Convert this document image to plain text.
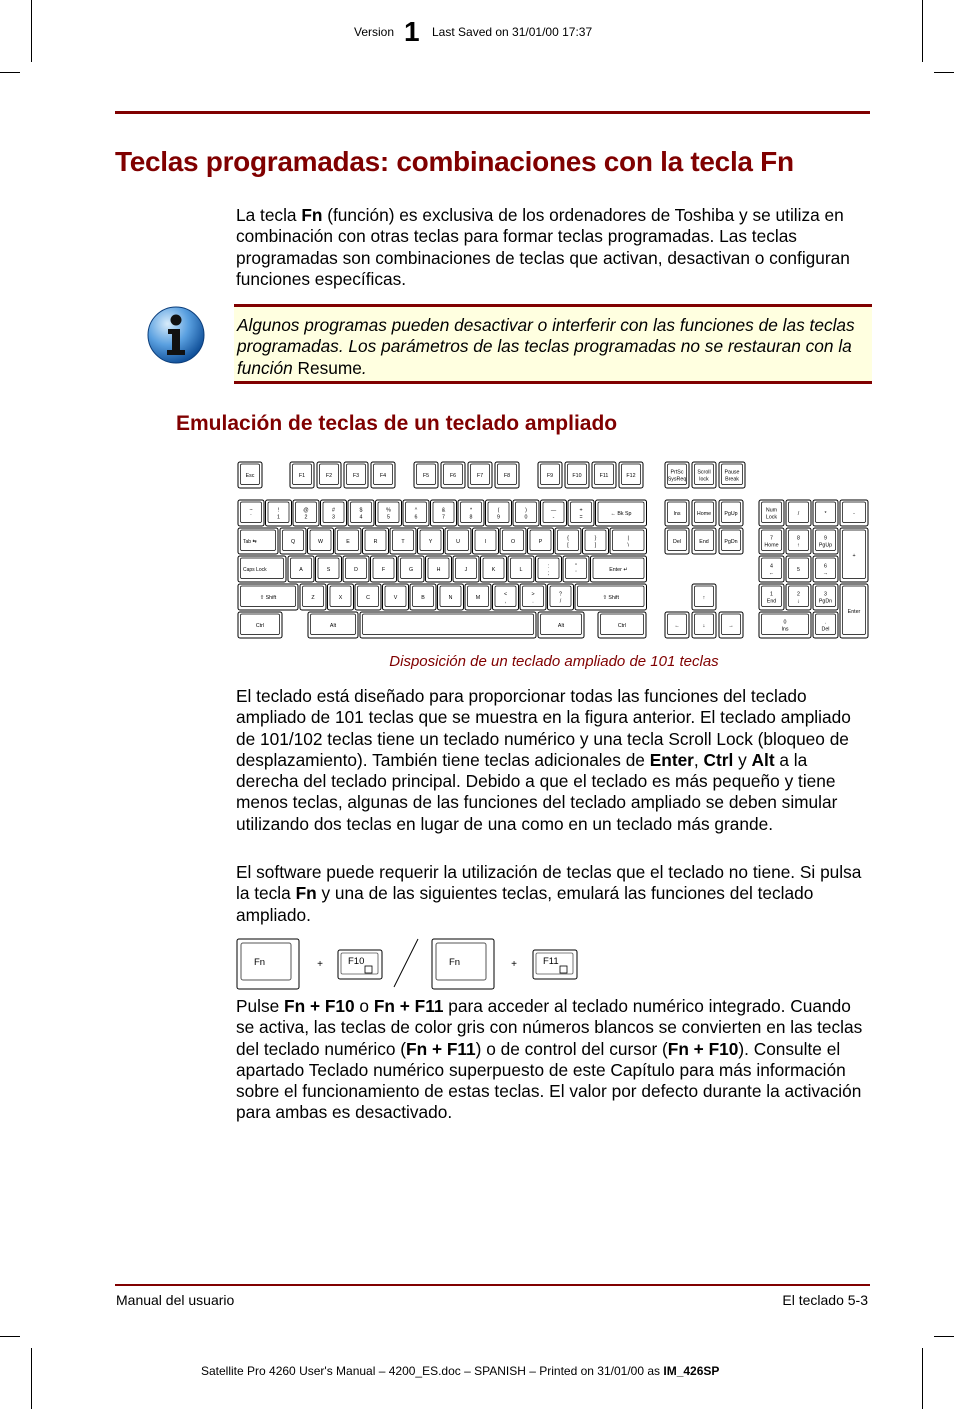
Version 1 Last Saved on 31/01/00 17:37
Teclas programadas: combinaciones con la tecla Fn

La tecla Fn (función) es exclusiva de los ordenadores de Toshiba y se utiliza en combinación con otras teclas para formar teclas programadas. Las teclas programadas son combinaciones de teclas que activan, desactivan o configuran funciones específicas.

Algunos programas pueden desactivar o interferir con las funciones de las teclas programadas. Los parámetros de las teclas programadas no se restauran con la función Resume.

Emulación de teclas de un teclado ampliado
Esc	F1	F2	F3	F4	F5	F6	F7	F8	F9	F10	F11	F12
PrtSc
SysReq
Scroll
lock
Pause
Break
~
`
!
1
@
2
#
3
$
4
%
5
^
6
&
7
*
8
(
9
)
0
—
-
+
=
← Bk Sp
Tab ⇆	Q	W	E	R	T	Y	U	I	O	P
{
[
}
]
|
\
Caps Lock	A	S	D	F	G	H	J	K	L
:
;
"
'
Enter ↵
⇧ Shift	Z	X	C	V	B	N	M
<
,
>
.
?
/
⇧ Shift
Ctrl	Alt	Alt	Ctrl
Ins	Home	PgUp
Del	End	PgDn
↑
←	↓	→
Num
Lock
/	*	-
7
Home
8
↑
9
PgUp
+
4
←
5
6
→
1
End
2
↓
3
PgDn
Enter
0
Ins
.
Del
Disposición de un teclado ampliado de 101 teclas

El teclado está diseñado para proporcionar todas las funciones del teclado ampliado de 101 teclas que se muestra en la figura anterior. El teclado ampliado de 101/102 teclas tiene un teclado numérico y una tecla Scroll Lock (bloqueo de desplazamiento). También tiene teclas adicionales de Enter, Ctrl y Alt a la derecha del teclado principal. Debido a que el teclado es más pequeño y tiene menos teclas, algunas de las funciones del teclado ampliado se deben simular utilizando dos teclas en lugar de una como en un teclado más grande.

El software puede requerir la utilización de teclas que el teclado no tiene. Si pulsa la tecla Fn y una de las siguientes teclas, emulará las funciones del teclado ampliado.

Fn	+	F10	Fn	+	F11

Pulse Fn + F10 o Fn + F11 para acceder al teclado numérico integrado. Cuando se activa, las teclas de color gris con números blancos se convierten en las teclas del teclado numérico (Fn + F11) o de control del cursor (Fn + F10). Consulte el apartado Teclado numérico superpuesto de este Capítulo para más información sobre el funcionamiento de estas teclas. El valor por defecto durante la activación para ambas es desactivado.

Manual del usuario	El teclado 5-3
Satellite Pro 4260 User's Manual – 4200_ES.doc – SPANISH – Printed on 31/01/00 as IM_426SP
